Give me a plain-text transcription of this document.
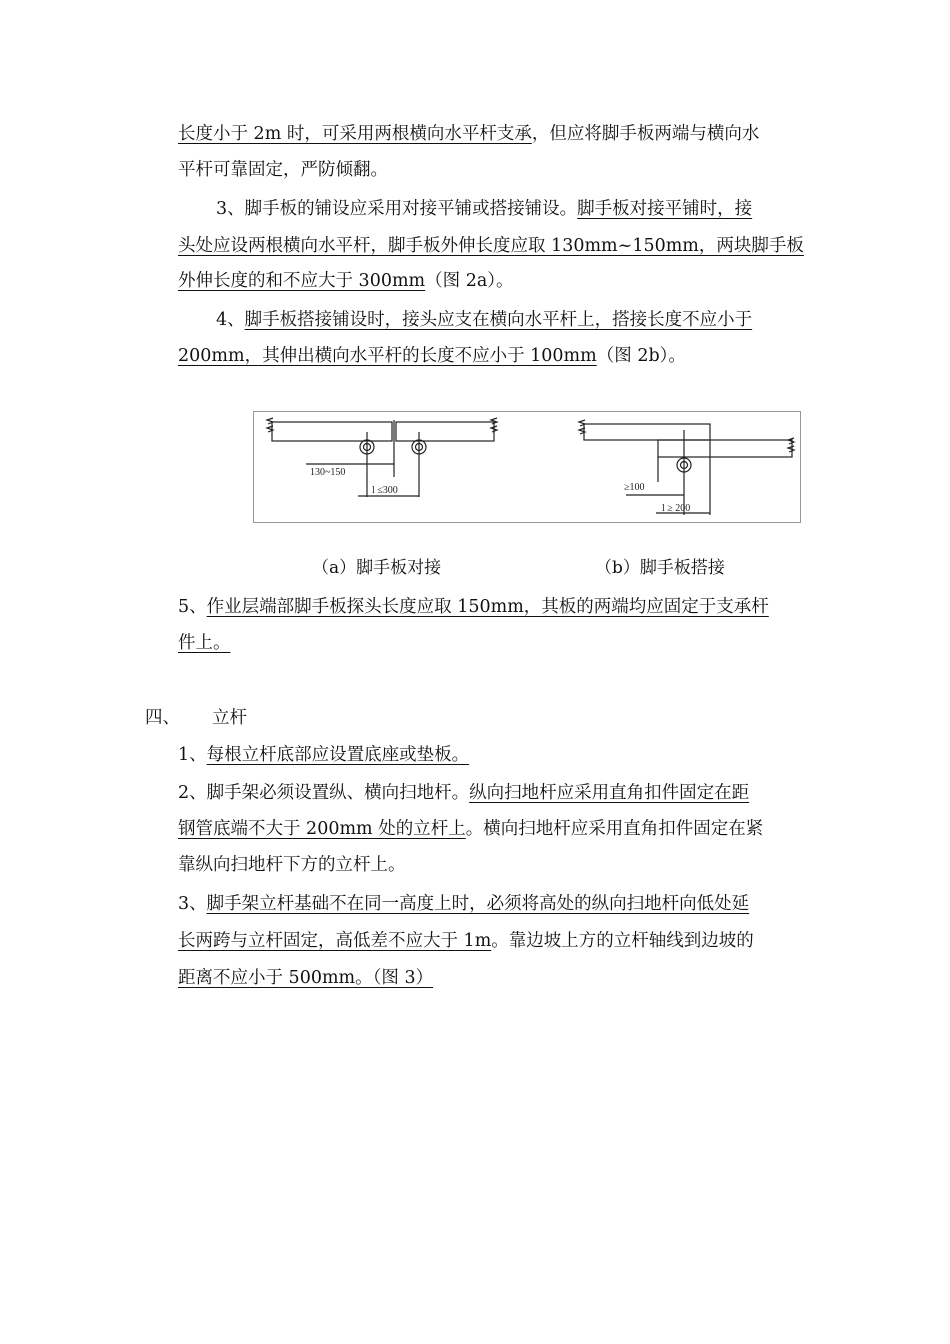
长度小于 2m 时，可采用两根横向水平杆支承，但应将脚手板两端与横向水
平杆可靠固定，严防倾翻。
3、脚手板的铺设应采用对接平铺或搭接铺设。脚手板对接平铺时，接
头处应设两根横向水平杆，脚手板外伸长度应取 130mm~150mm，两块脚手板
外伸长度的和不应大于 300mm（图 2a）。
4、脚手板搭接铺设时，接头应支在横向水平杆上，搭接长度不应小于
200mm，其伸出横向水平杆的长度不应小于 100mm（图 2b）。
130~150
l ≤300	≥100
l ≥ 200
（a）脚手板对接	（b）脚手板搭接
5、作业层端部脚手板探头长度应取 150mm，其板的两端均应固定于支承杆
件上。
四、 立杆
1、每根立杆底部应设置底座或垫板。
2、脚手架必须设置纵、横向扫地杆。纵向扫地杆应采用直角扣件固定在距
钢管底端不大于 200mm 处的立杆上。横向扫地杆应采用直角扣件固定在紧
靠纵向扫地杆下方的立杆上。
3、脚手架立杆基础不在同一高度上时，必须将高处的纵向扫地杆向低处延
长两跨与立杆固定，高低差不应大于 1m。靠边坡上方的立杆轴线到边坡的
距离不应小于 500mm。（图 3）
